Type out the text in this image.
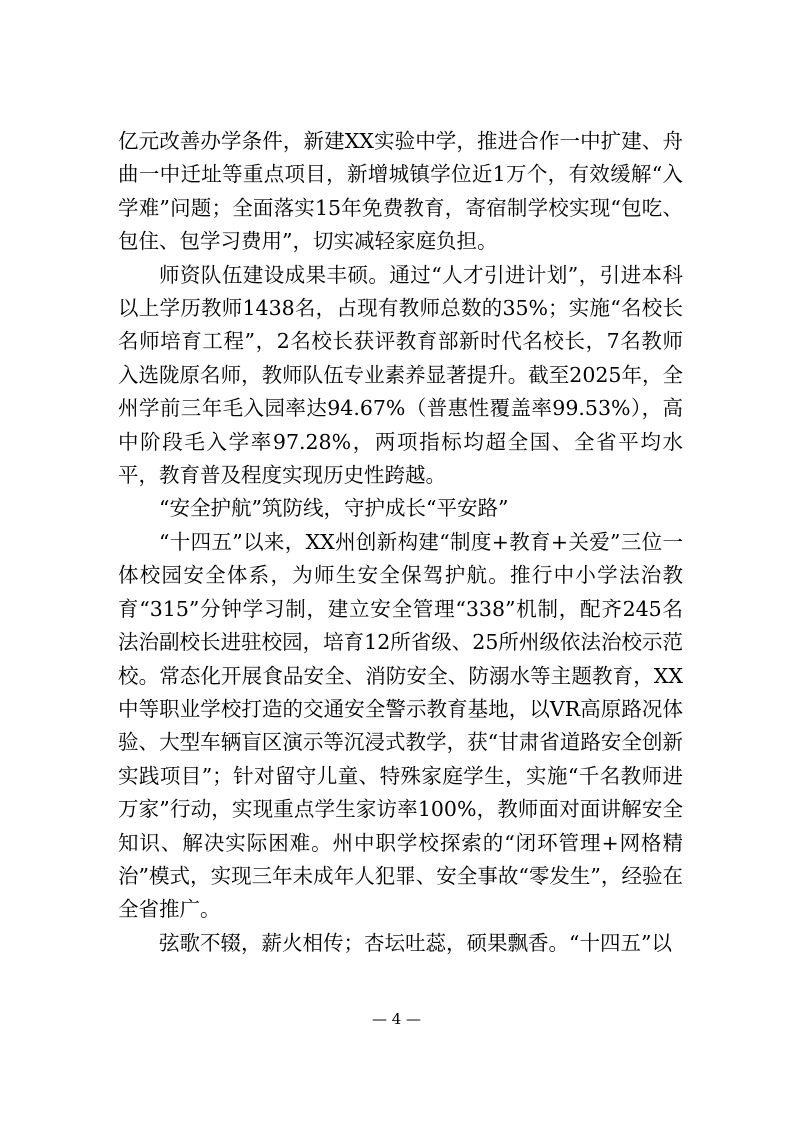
亿元改善办学条件，新建XX实验中学，推进合作一中扩建、舟曲一中迁址等重点项目，新增城镇学位近1万个，有效缓解“入学难”问题；全面落实15年免费教育，寄宿制学校实现“包吃、包住、包学习费用”，切实减轻家庭负担。

师资队伍建设成果丰硕。通过“人才引进计划”，引进本科以上学历教师1438名，占现有教师总数的35%；实施“名校长名师培育工程”，2名校长获评教育部新时代名校长，7名教师入选陇原名师，教师队伍专业素养显著提升。截至2025年，全州学前三年毛入园率达94.67%（普惠性覆盖率99.53%），高中阶段毛入学率97.28%，两项指标均超全国、全省平均水平，教育普及程度实现历史性跨越。

“安全护航”筑防线，守护成长“平安路”

“十四五”以来，XX州创新构建“制度+教育+关爱”三位一体校园安全体系，为师生安全保驾护航。推行中小学法治教育“315”分钟学习制，建立安全管理“338”机制，配齐245名法治副校长进驻校园，培育12所省级、25所州级依法治校示范校。常态化开展食品安全、消防安全、防溺水等主题教育，XX中等职业学校打造的交通安全警示教育基地，以VR高原路况体验、大型车辆盲区演示等沉浸式教学，获“甘肃省道路安全创新实践项目”；针对留守儿童、特殊家庭学生，实施“千名教师进万家”行动，实现重点学生家访率100%，教师面对面讲解安全知识、解决实际困难。州中职学校探索的“闭环管理+网格精治”模式，实现三年未成年人犯罪、安全事故“零发生”，经验在全省推广。

弦歌不辍，薪火相传；杏坛吐蕊，硕果飘香。“十四五”以

— 4 —
